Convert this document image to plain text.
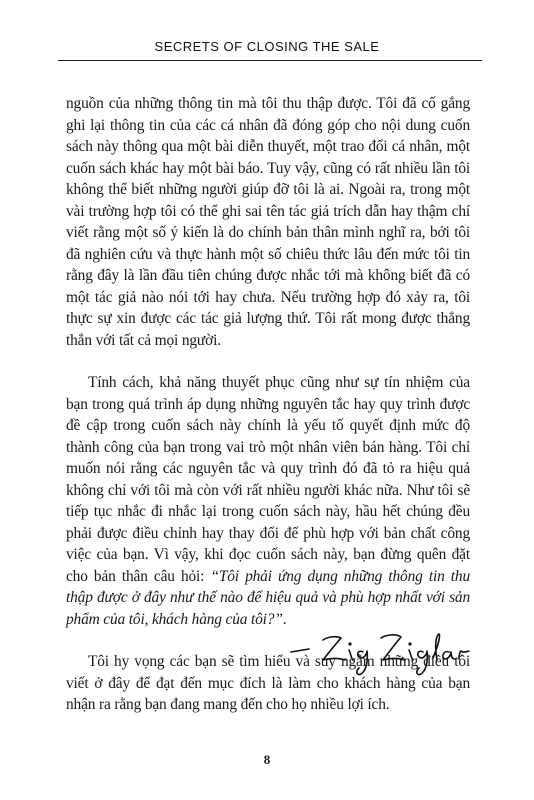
SECRETS OF CLOSING THE SALE

nguồn của những thông tin mà tôi thu thập được. Tôi đã cố gắng ghi lại thông tin của các cá nhân đã đóng góp cho nội dung cuốn sách này thông qua một bài diễn thuyết, một trao đổi cá nhân, một cuốn sách khác hay một bài báo. Tuy vậy, cũng có rất nhiều lần tôi không thể biết những người giúp đỡ tôi là ai. Ngoài ra, trong một vài trường hợp tôi có thể ghi sai tên tác giả trích dẫn hay thậm chí viết rằng một số ý kiến là do chính bản thân mình nghĩ ra, bởi tôi đã nghiên cứu và thực hành một số chiêu thức lâu đến mức tôi tin rằng đây là lần đầu tiên chúng được nhắc tới mà không biết đã có một tác giả nào nói tới hay chưa. Nếu trường hợp đó xảy ra, tôi thực sự xin được các tác giả lượng thứ. Tôi rất mong được thẳng thắn với tất cả mọi người.

Tính cách, khả năng thuyết phục cũng như sự tín nhiệm của bạn trong quá trình áp dụng những nguyên tắc hay quy trình được đề cập trong cuốn sách này chính là yếu tố quyết định mức độ thành công của bạn trong vai trò một nhân viên bán hàng. Tôi chỉ muốn nói rằng các nguyên tắc và quy trình đó đã tỏ ra hiệu quả không chỉ với tôi mà còn với rất nhiều người khác nữa. Như tôi sẽ tiếp tục nhắc đi nhắc lại trong cuốn sách này, hầu hết chúng đều phải được điều chỉnh hay thay đổi để phù hợp với bản chất công việc của bạn. Vì vậy, khi đọc cuốn sách này, bạn đừng quên đặt cho bản thân câu hỏi: “Tôi phải ứng dụng những thông tin thu thập được ở đây như thế nào để hiệu quả và phù hợp nhất với sản phẩm của tôi, khách hàng của tôi?”.

Tôi hy vọng các bạn sẽ tìm hiểu và suy ngẫm những điều tôi viết ở đây để đạt đến mục đích là làm cho khách hàng của bạn nhận ra rằng bạn đang mang đến cho họ nhiều lợi ích.

8
